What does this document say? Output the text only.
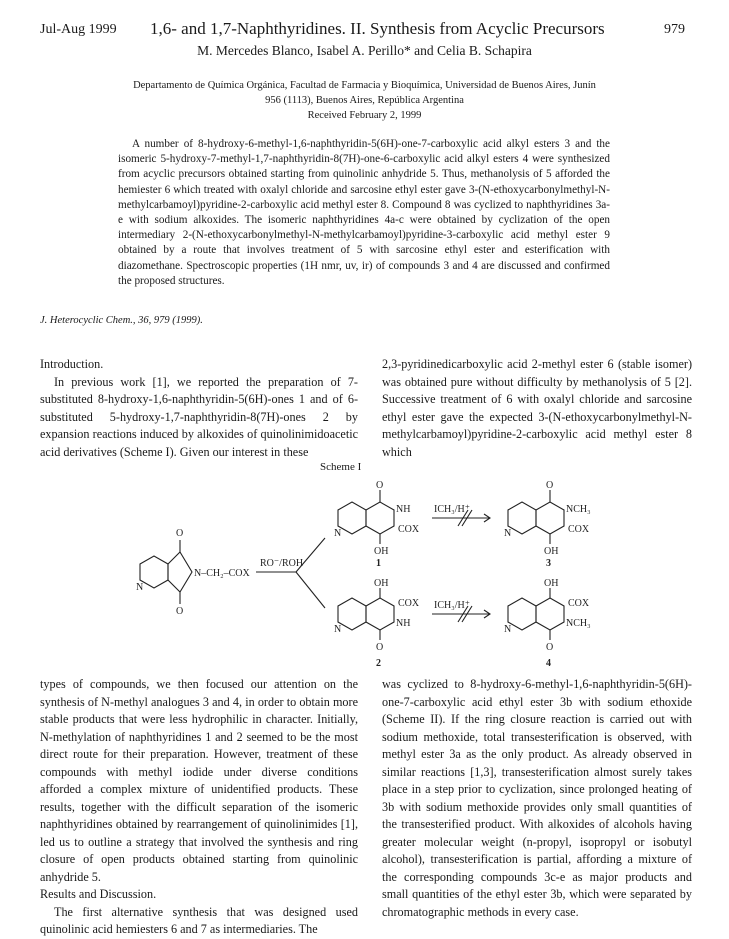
Jul-Aug 1999 1,6- and 1,7-Naphthyridines. II. Synthesis from Acyclic Precursors	979
M. Mercedes Blanco, Isabel A. Perillo* and Celia B. Schapira
Departamento de Química Orgánica, Facultad de Farmacia y Bioquímica, Universidad de Buenos Aires, Junín
956 (1113), Buenos Aires, República Argentina
Received February 2, 1999
A number of 8-hydroxy-6-methyl-1,6-naphthyridin-5(6H)-one-7-carboxylic acid alkyl esters 3 and the isomeric 5-hydroxy-7-methyl-1,7-naphthyridin-8(7H)-one-6-carboxylic acid alkyl esters 4 were synthesized from acyclic precursors obtained starting from quinolinic anhydride 5. Thus, methanolysis of 5 afforded the hemiester 6 which treated with oxalyl chloride and sarcosine ethyl ester gave 3-(N-ethoxycarbonylmethyl-N-methylcarbamoyl)pyridine-2-carboxylic acid methyl ester 8. Compound 8 was cyclized to naphthyridines 3a-e with sodium alkoxides. The isomeric naphthyridines 4a-c were obtained by cyclization of the open intermediary 2-(N-ethoxycarbonylmethyl-N-methylcarbamoyl)pyridine-3-carboxylic acid methyl ester 9 obtained by a route that involves treatment of 5 with sarcosine ethyl ester and esterification with diazomethane. Spectroscopic properties (1H nmr, uv, ir) of compounds 3 and 4 are discussed and confirmed the proposed structures.
J. Heterocyclic Chem., 36, 979 (1999).

Introduction.

In previous work [1], we reported the preparation of 7-substituted 8-hydroxy-1,6-naphthyridin-5(6H)-ones 1 and of 6-substituted 5-hydroxy-1,7-naphthyridin-8(7H)-ones 2 by expansion reactions induced by alkoxides of quinolinimidoacetic acid derivatives (Scheme I). Given our interest in these

2,3-pyridinedicarboxylic acid 2-methyl ester 6 (stable isomer) was obtained pure without difficulty by methanolysis of 5 [2]. Successive treatment of 6 with oxalyl chloride and sarcosine ethyl ester gave the expected 3-(N-ethoxycarbonylmethyl-N-methylcarbamoyl)pyridine-2-carboxylic acid methyl ester 8 which

Scheme I
O
O
N
N–CH₂–COX
RO⁻/ROH
O
NH
COX
OH
N
1
OH
COX
NH
O
N
2
ICH₃/H⁺
ICH₃/H⁺
O
NCH₃
COX
OH
N
3
OH
COX
NCH₃
O
N
4

types of compounds, we then focused our attention on the synthesis of N-methyl analogues 3 and 4, in order to obtain more stable products that were less hydrophilic in character. Initially, N-methylation of naphthyridines 1 and 2 seemed to be the most direct route for their preparation. However, treatment of these compounds with methyl iodide under diverse conditions afforded a complex mixture of unidentified products. These results, together with the difficult separation of the isomeric naphthyridines obtained by rearrangement of quinolinimides [1], led us to outline a strategy that involved the synthesis and ring closure of open products obtained starting from quinolinic anhydride 5.

Results and Discussion.

The first alternative synthesis that was designed used quinolinic acid hemiesters 6 and 7 as intermediaries. The

was cyclized to 8-hydroxy-6-methyl-1,6-naphthyridin-5(6H)-one-7-carboxylic acid ethyl ester 3b with sodium ethoxide (Scheme II). If the ring closure reaction is carried out with sodium methoxide, total transesterification is observed, with methyl ester 3a as the only product. As already observed in similar reactions [1,3], transesterification almost surely takes place in a step prior to cyclization, since prolonged heating of 3b with sodium methoxide provides only small quantities of the transesterified product. With alkoxides of alcohols having greater molecular weight (n-propyl, isopropyl or isobutyl alcohol), transesterification is partial, affording a mixture of the corresponding compounds 3c-e as major products and small quantities of the ethyl ester 3b, which were separated by chromatographic methods in every case.
